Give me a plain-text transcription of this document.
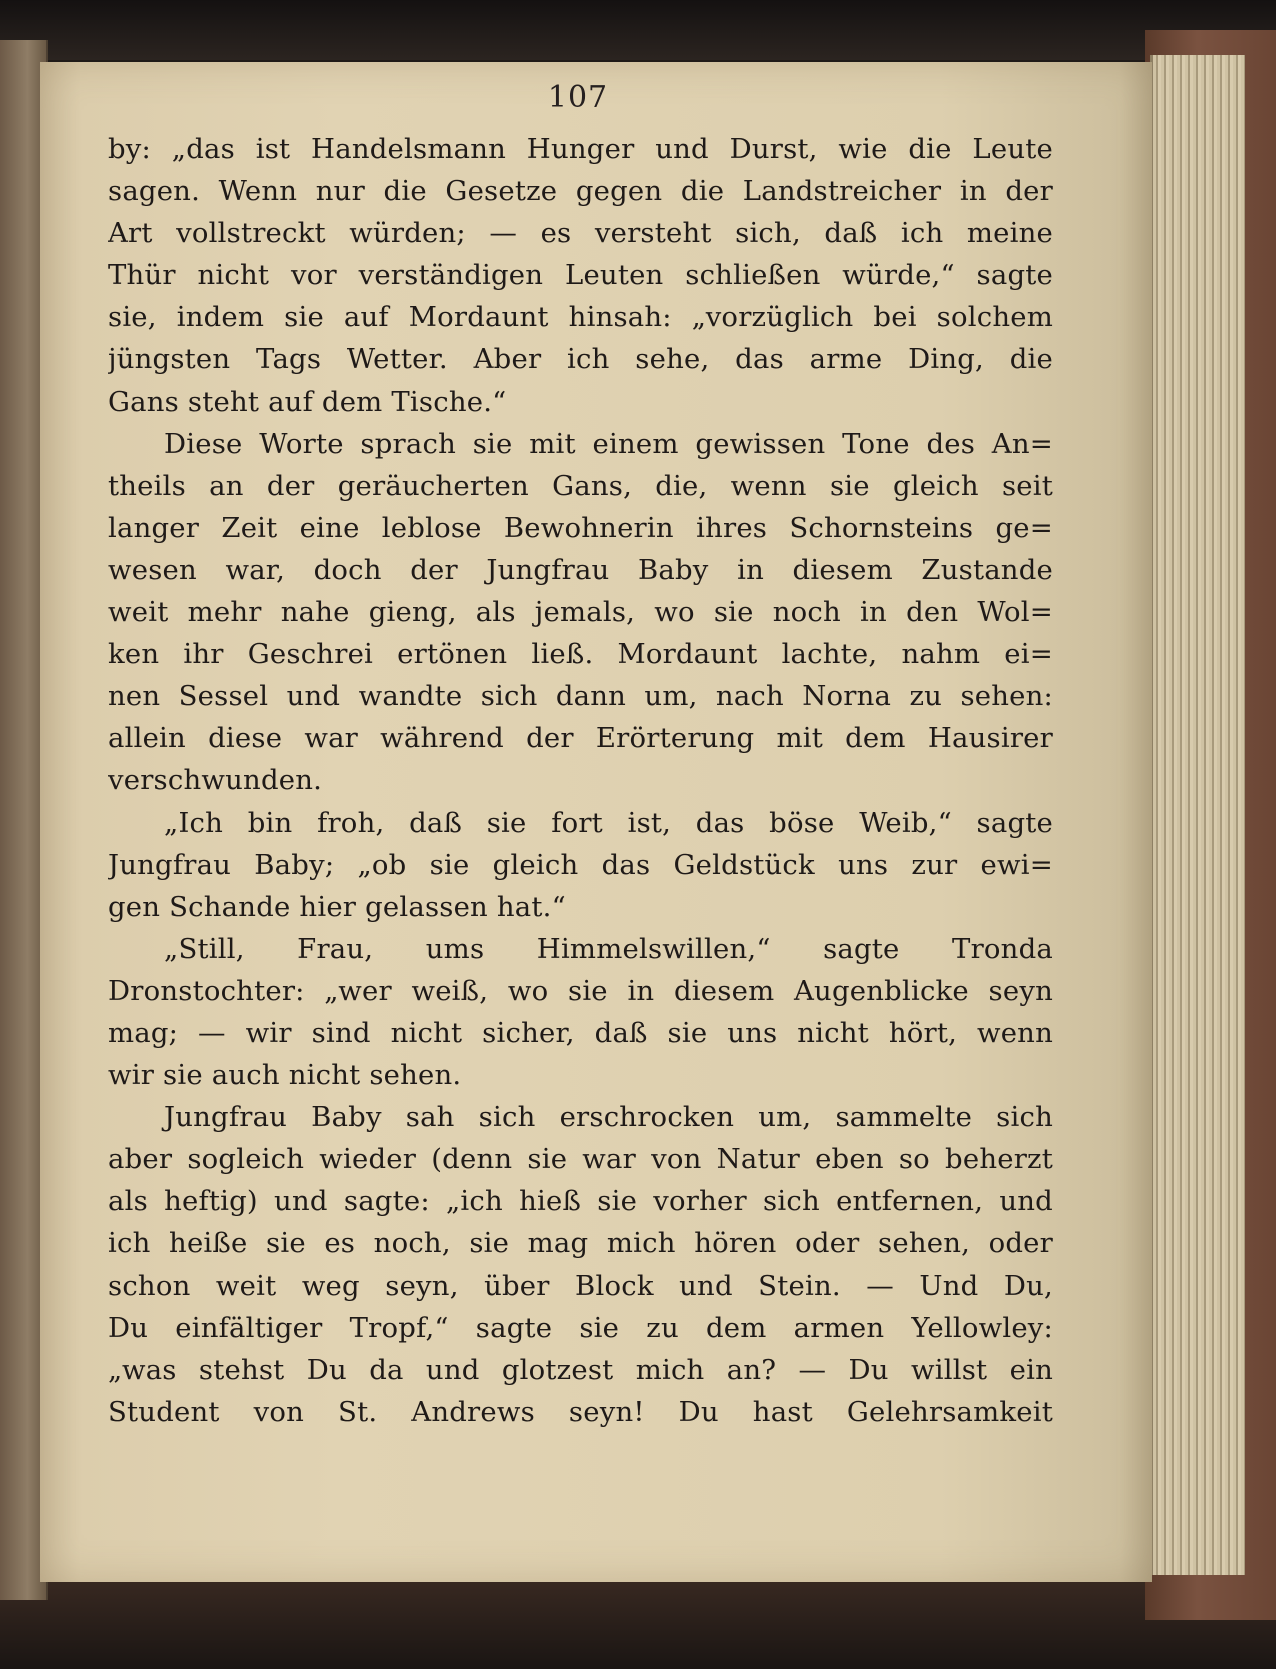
107
by: „das ist Handelsmann Hunger und Durst, wie die Leute
sagen. Wenn nur die Gesetze gegen die Landstreicher in der
Art vollstreckt würden; — es versteht sich, daß ich meine
Thür nicht vor verständigen Leuten schließen würde,“ sagte
sie, indem sie auf Mordaunt hinsah: „vorzüglich bei solchem
jüngsten Tags Wetter. Aber ich sehe, das arme Ding, die
Gans steht auf dem Tische.“
Diese Worte sprach sie mit einem gewissen Tone des An=
theils an der geräucherten Gans, die, wenn sie gleich seit
langer Zeit eine leblose Bewohnerin ihres Schornsteins ge=
wesen war, doch der Jungfrau Baby in diesem Zustande
weit mehr nahe gieng, als jemals, wo sie noch in den Wol=
ken ihr Geschrei ertönen ließ. Mordaunt lachte, nahm ei=
nen Sessel und wandte sich dann um, nach Norna zu sehen:
allein diese war während der Erörterung mit dem Hausirer
verschwunden.
„Ich bin froh, daß sie fort ist, das böse Weib,“ sagte
Jungfrau Baby; „ob sie gleich das Geldstück uns zur ewi=
gen Schande hier gelassen hat.“
„Still, Frau, ums Himmelswillen,“ sagte Tronda
Dronstochter: „wer weiß, wo sie in diesem Augenblicke seyn
mag; — wir sind nicht sicher, daß sie uns nicht hört, wenn
wir sie auch nicht sehen.
Jungfrau Baby sah sich erschrocken um, sammelte sich
aber sogleich wieder (denn sie war von Natur eben so beherzt
als heftig) und sagte: „ich hieß sie vorher sich entfernen, und
ich heiße sie es noch, sie mag mich hören oder sehen, oder
schon weit weg seyn, über Block und Stein. — Und Du,
Du einfältiger Tropf,“ sagte sie zu dem armen Yellowley:
„was stehst Du da und glotzest mich an? — Du willst ein
Student von St. Andrews seyn! Du hast Gelehrsamkeit
